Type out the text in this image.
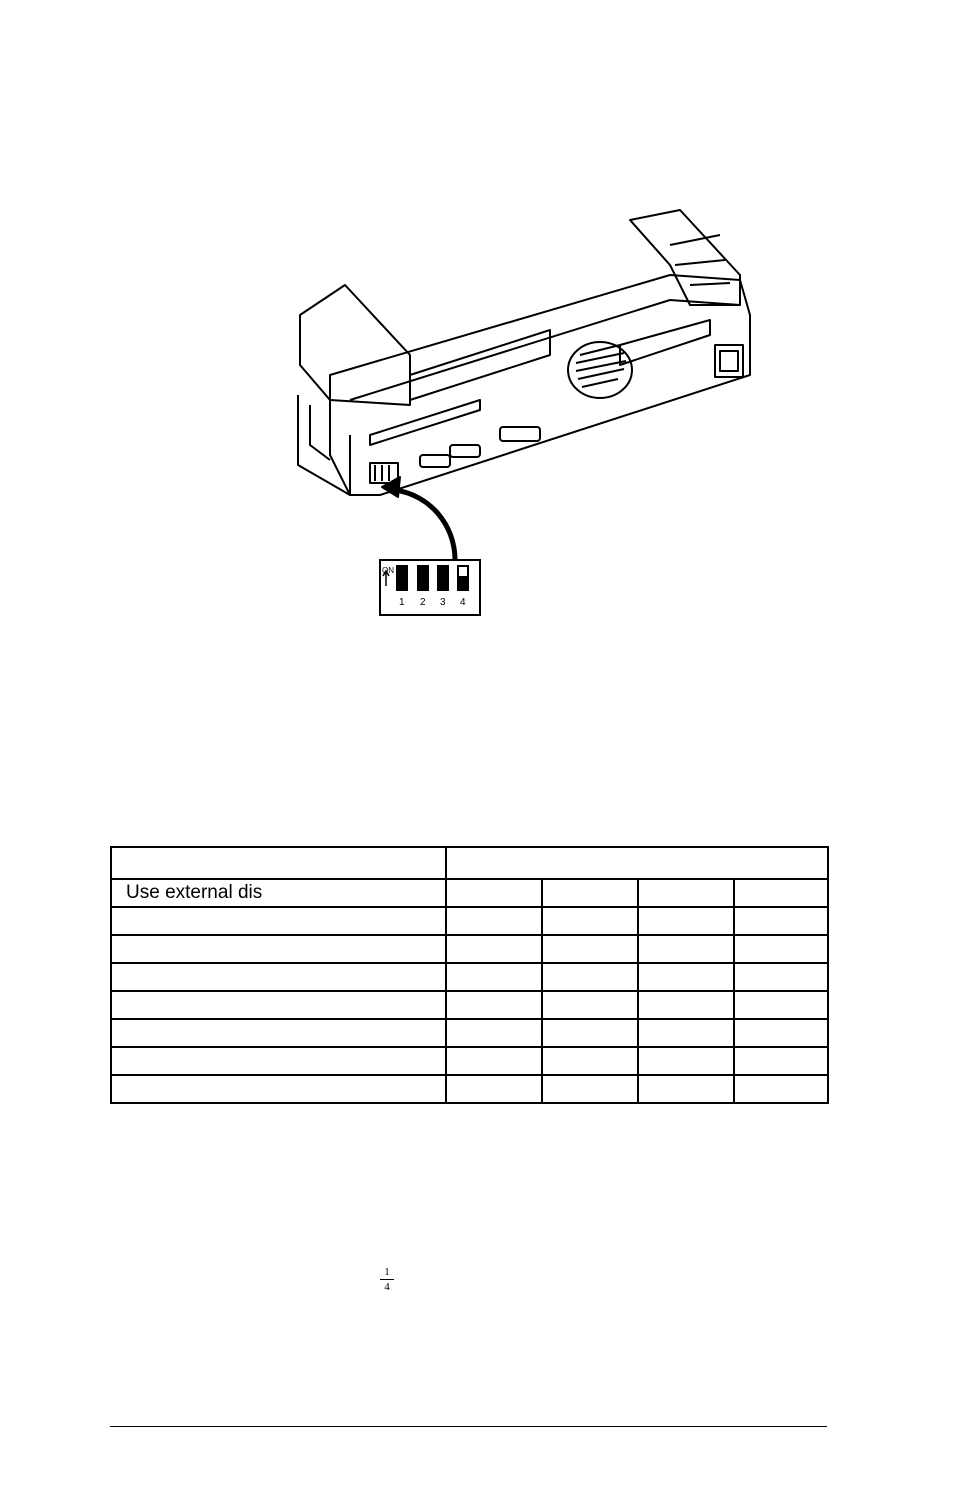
ON
1 2 3 4

Use external dis				

1
4
